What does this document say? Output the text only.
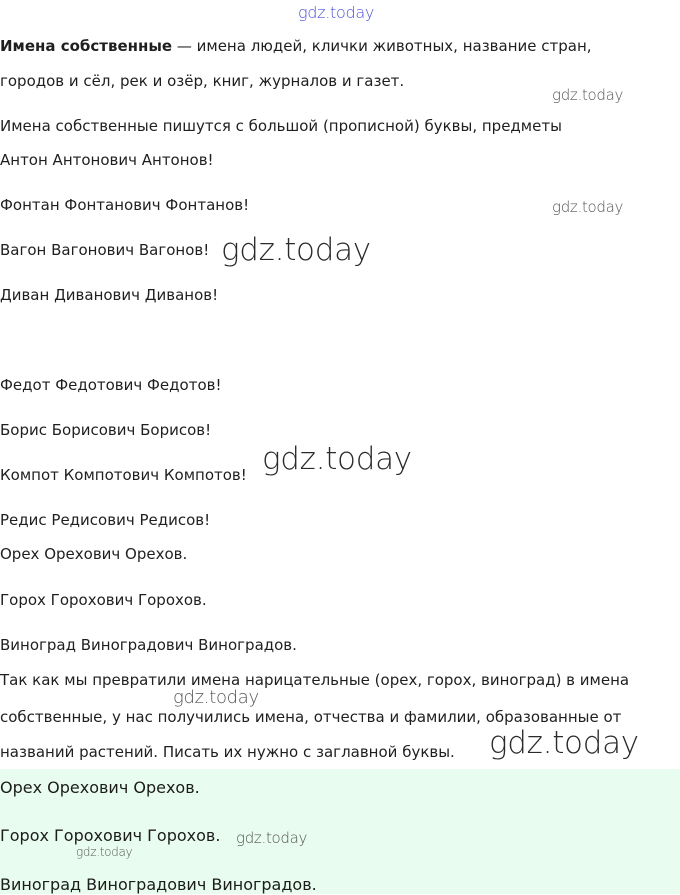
gdz.today
Имена собственные — имена людей, клички животных, название стран,
городов и сёл, рек и озёр, книг, журналов и газет.
gdz.today
Имена собственные пишутся с большой (прописной) буквы, предметы
Антон Антонович Антонов!
Фонтан Фонтанович Фонтанов!	gdz.today
Вагон Вагонович Вагонов! gdz.today
Диван Диванович Диванов!
Федот Федотович Федотов!
Борис Борисович Борисов!
Компот Компотович Компотов! gdz.today
Редис Редисович Редисов!
Орех Орехович Орехов.
Горох Горохович Горохов.
Виноград Виноградович Виноградов.
Так как мы превратили имена нарицательные (орех, горох, виноград) в имена
gdz.today
собственные, у нас получились имена, отчества и фамилии, образованные от
названий растений. Писать их нужно с заглавной буквы. gdz.today
Орех Орехович Орехов.
Горох Горохович Горохов. gdz.today
gdz.today
Виноград Виноградович Виноградов.
